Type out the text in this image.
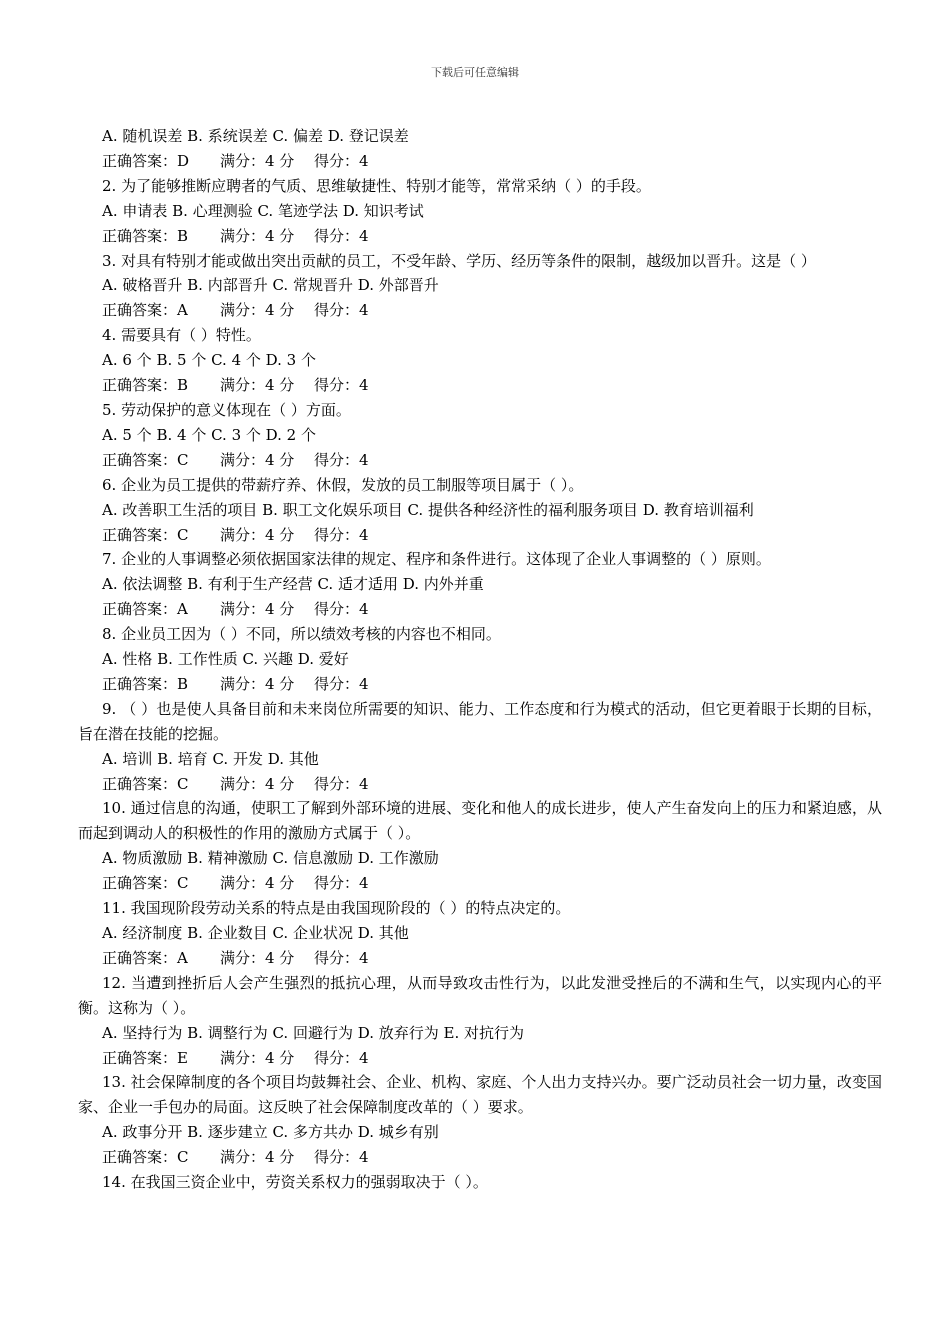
下载后可任意编辑

A. 随机误差 B. 系统误差 C. 偏差 D. 登记误差

正确答案：D 满分：4 分 得分：4

2. 为了能够推断应聘者的气质、思维敏捷性、特别才能等，常常采纳（ ）的手段。

A. 申请表 B. 心理测验 C. 笔迹学法 D. 知识考试

正确答案：B 满分：4 分 得分：4

3. 对具有特别才能或做出突出贡献的员工，不受年龄、学历、经历等条件的限制，越级加以晋升。这是（ ）

A. 破格晋升 B. 内部晋升 C. 常规晋升 D. 外部晋升

正确答案：A 满分：4 分 得分：4

4. 需要具有（ ）特性。

A. 6 个 B. 5 个 C. 4 个 D. 3 个

正确答案：B 满分：4 分 得分：4

5. 劳动保护的意义体现在（ ）方面。

A. 5 个 B. 4 个 C. 3 个 D. 2 个

正确答案：C 满分：4 分 得分：4

6. 企业为员工提供的带薪疗养、休假，发放的员工制服等项目属于（ ）。

A. 改善职工生活的项目 B. 职工文化娱乐项目 C. 提供各种经济性的福利服务项目 D. 教育培训福利

正确答案：C 满分：4 分 得分：4

7. 企业的人事调整必须依据国家法律的规定、程序和条件进行。这体现了企业人事调整的（ ）原则。

A. 依法调整 B. 有利于生产经营 C. 适才适用 D. 内外并重

正确答案：A 满分：4 分 得分：4

8. 企业员工因为（ ）不同，所以绩效考核的内容也不相同。

A. 性格 B. 工作性质 C. 兴趣 D. 爱好

正确答案：B 满分：4 分 得分：4

9. （ ）也是使人具备目前和未来岗位所需要的知识、能力、工作态度和行为模式的活动，但它更着眼于长期的目标，旨在潜在技能的挖掘。

A. 培训 B. 培育 C. 开发 D. 其他

正确答案：C 满分：4 分 得分：4

10. 通过信息的沟通，使职工了解到外部环境的进展、变化和他人的成长进步，使人产生奋发向上的压力和紧迫感，从而起到调动人的积极性的作用的激励方式属于（ ）。

A. 物质激励 B. 精神激励 C. 信息激励 D. 工作激励

正确答案：C 满分：4 分 得分：4

11. 我国现阶段劳动关系的特点是由我国现阶段的（ ）的特点决定的。

A. 经济制度 B. 企业数目 C. 企业状况 D. 其他

正确答案：A 满分：4 分 得分：4

12. 当遭到挫折后人会产生强烈的抵抗心理，从而导致攻击性行为，以此发泄受挫后的不满和生气，以实现内心的平衡。这称为（ ）。

A. 坚持行为 B. 调整行为 C. 回避行为 D. 放弃行为 E. 对抗行为

正确答案：E 满分：4 分 得分：4

13. 社会保障制度的各个项目均鼓舞社会、企业、机构、家庭、个人出力支持兴办。要广泛动员社会一切力量，改变国家、企业一手包办的局面。这反映了社会保障制度改革的（ ）要求。

A. 政事分开 B. 逐步建立 C. 多方共办 D. 城乡有别

正确答案：C 满分：4 分 得分：4

14. 在我国三资企业中，劳资关系权力的强弱取决于（ ）。
